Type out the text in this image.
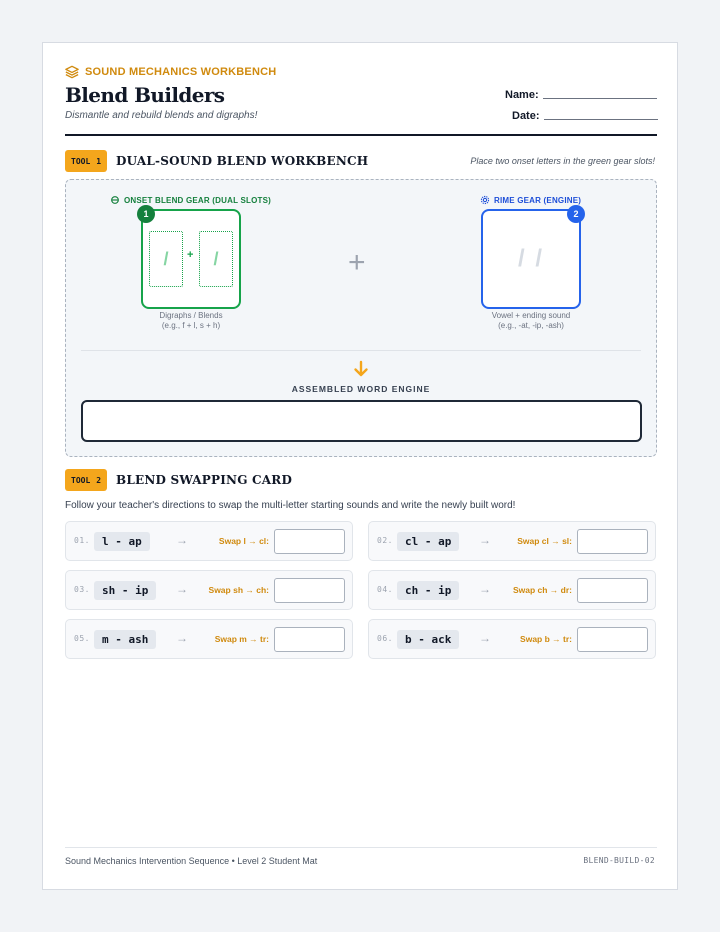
SOUND MECHANICS WORKBENCH
Blend Builders
Dismantle and rebuild blends and digraphs!
Name:
Date:
TOOL 1 DUAL-SOUND BLEND WORKBENCH	Place two onset letters in the green gear slots!
ONSET BLEND GEAR (DUAL SLOTS)
1
/	+	/
Digraphs / Blends
(e.g., f + l, s + h)
+
RIME GEAR (ENGINE)
2
/ /
Vowel + ending sound
(e.g., -at, -ip, -ash)
ASSEMBLED WORD ENGINE
TOOL 2 BLEND SWAPPING CARD
Follow your teacher's directions to swap the multi-letter starting sounds and write the newly built word!
01.	l - ap	→	Swap l → cl:	02.	cl - ap	→	Swap cl → sl:
03.	sh - ip	→ Swap sh → ch:	04.	ch - ip	→	Swap ch → dr:
05.	m - ash	→	Swap m → tr:	06.	b - ack	→	Swap b → tr:
Sound Mechanics Intervention Sequence • Level 2 Student Mat	BLEND-BUILD-02
